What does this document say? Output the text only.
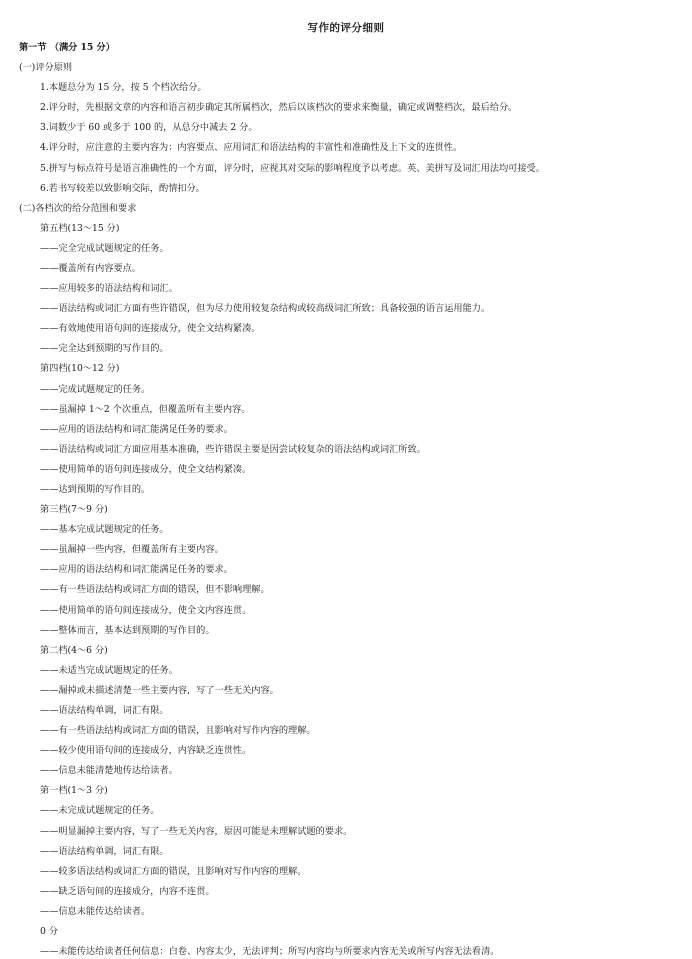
写作的评分细则
第一节 （满分 15 分）
(一)评分原则
1.本题总分为 15 分，按 5 个档次给分。
2.评分时，先根据文章的内容和语言初步确定其所属档次，然后以该档次的要求来衡量，确定或调整档次，最后给分。
3.词数少于 60 或多于 100 的，从总分中减去 2 分。
4.评分时，应注意的主要内容为：内容要点、应用词汇和语法结构的丰富性和准确性及上下文的连贯性。
5.拼写与标点符号是语言准确性的一个方面，评分时，应视其对交际的影响程度予以考虑。英、美拼写及词汇用法均可接受。
6.若书写较差以致影响交际，酌情扣分。
(二)各档次的给分范围和要求
第五档(13～15 分)
——完全完成试题规定的任务。
——覆盖所有内容要点。
——应用较多的语法结构和词汇。
——语法结构或词汇方面有些许错误，但为尽力使用较复杂结构或较高级词汇所致；具备较强的语言运用能力。
——有效地使用语句间的连接成分，使全文结构紧凑。
——完全达到预期的写作目的。
第四档(10～12 分)
——完成试题规定的任务。
——虽漏掉 1～2 个次重点，但覆盖所有主要内容。
——应用的语法结构和词汇能满足任务的要求。
——语法结构或词汇方面应用基本准确，些许错误主要是因尝试较复杂的语法结构或词汇所致。
——使用简单的语句间连接成分，使全文结构紧凑。
——达到预期的写作目的。
第三档(7～9 分)
——基本完成试题规定的任务。
——虽漏掉一些内容，但覆盖所有主要内容。
——应用的语法结构和词汇能满足任务的要求。
——有一些语法结构或词汇方面的错误，但不影响理解。
——使用简单的语句间连接成分，使全文内容连贯。
——整体而言，基本达到预期的写作目的。
第二档(4～6 分)
——未适当完成试题规定的任务。
——漏掉或未描述清楚一些主要内容，写了一些无关内容。
——语法结构单调，词汇有限。
——有一些语法结构或词汇方面的错误，且影响对写作内容的理解。
——较少使用语句间的连接成分，内容缺乏连贯性。
——信息未能清楚地传达给读者。
第一档(1～3 分)
——未完成试题规定的任务。
——明显漏掉主要内容，写了一些无关内容，原因可能是未理解试题的要求。
——语法结构单调，词汇有限。
——较多语法结构或词汇方面的错误，且影响对写作内容的理解。
——缺乏语句间的连接成分，内容不连贯。
——信息未能传达给读者。
0 分
——未能传达给读者任何信息：白卷、内容太少，无法评判；所写内容均与所要求内容无关或所写内容无法看清。
